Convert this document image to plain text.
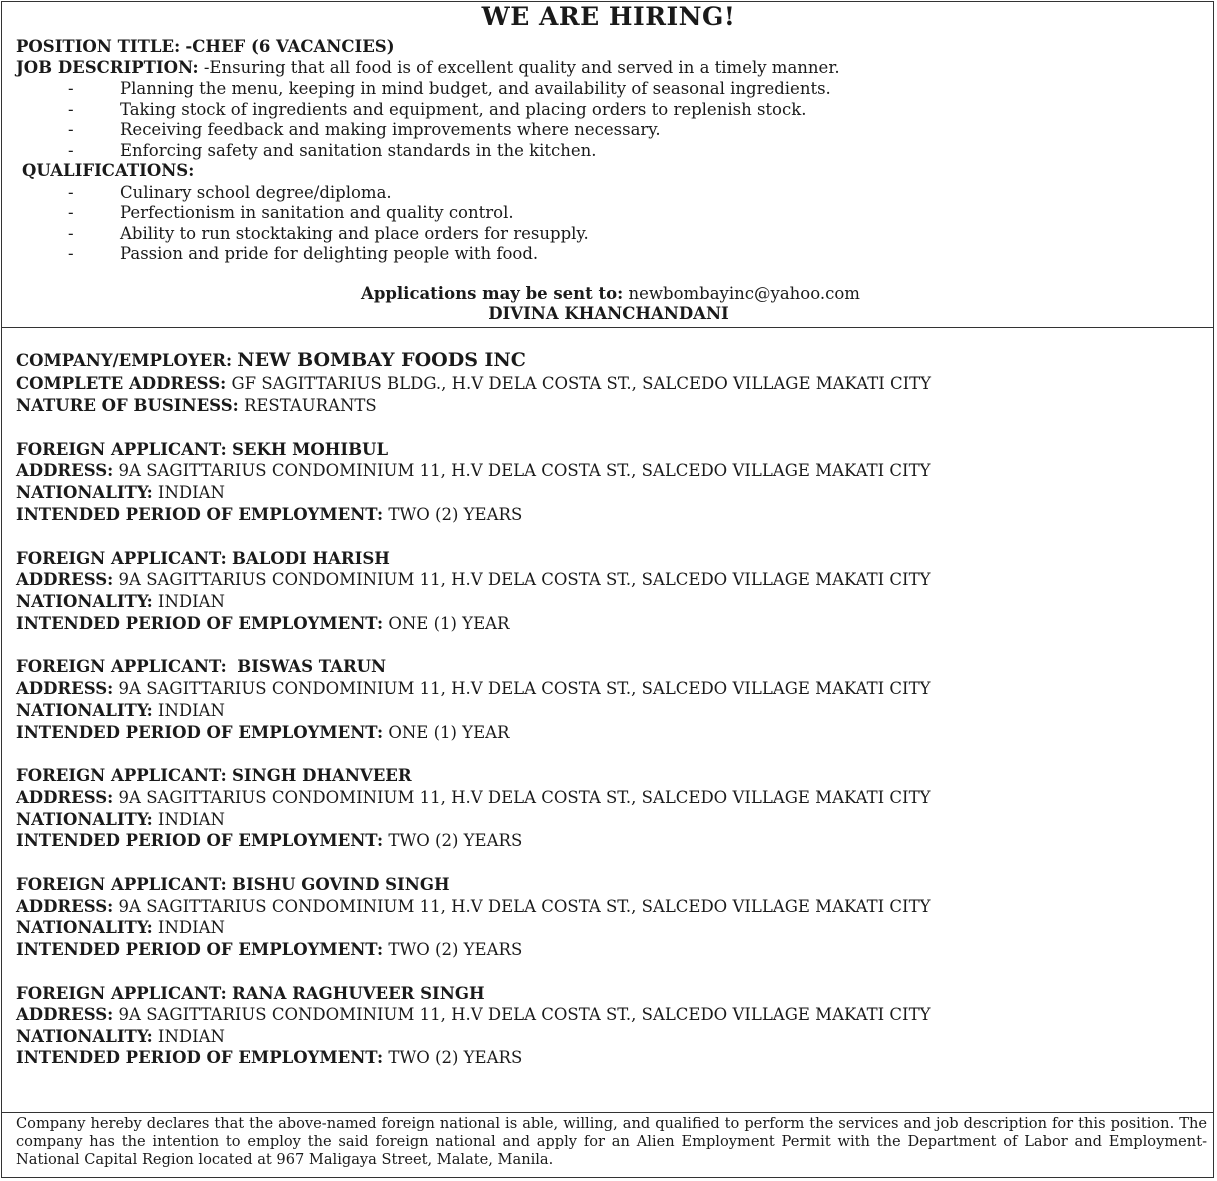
WE ARE HIRING!
POSITION TITLE: -CHEF (6 VACANCIES)
JOB DESCRIPTION: -Ensuring that all food is of excellent quality and served in a timely manner.
-	Planning the menu, keeping in mind budget, and availability of seasonal ingredients.
-	Taking stock of ingredients and equipment, and placing orders to replenish stock.
-	Receiving feedback and making improvements where necessary.
-	Enforcing safety and sanitation standards in the kitchen.
QUALIFICATIONS:
-	Culinary school degree/diploma.
-	Perfectionism in sanitation and quality control.
-	Ability to run stocktaking and place orders for resupply.
-	Passion and pride for delighting people with food.
Applications may be sent to: newbombayinc@yahoo.com
DIVINA KHANCHANDANI
COMPANY/EMPLOYER: NEW BOMBAY FOODS INC
COMPLETE ADDRESS: GF SAGITTARIUS BLDG., H.V DELA COSTA ST., SALCEDO VILLAGE MAKATI CITY
NATURE OF BUSINESS: RESTAURANTS
FOREIGN APPLICANT: SEKH MOHIBUL
ADDRESS: 9A SAGITTARIUS CONDOMINIUM 11, H.V DELA COSTA ST., SALCEDO VILLAGE MAKATI CITY
NATIONALITY: INDIAN
INTENDED PERIOD OF EMPLOYMENT: TWO (2) YEARS
FOREIGN APPLICANT: BALODI HARISH
ADDRESS: 9A SAGITTARIUS CONDOMINIUM 11, H.V DELA COSTA ST., SALCEDO VILLAGE MAKATI CITY
NATIONALITY: INDIAN
INTENDED PERIOD OF EMPLOYMENT: ONE (1) YEAR
FOREIGN APPLICANT: BISWAS TARUN
ADDRESS: 9A SAGITTARIUS CONDOMINIUM 11, H.V DELA COSTA ST., SALCEDO VILLAGE MAKATI CITY
NATIONALITY: INDIAN
INTENDED PERIOD OF EMPLOYMENT: ONE (1) YEAR
FOREIGN APPLICANT: SINGH DHANVEER
ADDRESS: 9A SAGITTARIUS CONDOMINIUM 11, H.V DELA COSTA ST., SALCEDO VILLAGE MAKATI CITY
NATIONALITY: INDIAN
INTENDED PERIOD OF EMPLOYMENT: TWO (2) YEARS
FOREIGN APPLICANT: BISHU GOVIND SINGH
ADDRESS: 9A SAGITTARIUS CONDOMINIUM 11, H.V DELA COSTA ST., SALCEDO VILLAGE MAKATI CITY
NATIONALITY: INDIAN
INTENDED PERIOD OF EMPLOYMENT: TWO (2) YEARS
FOREIGN APPLICANT: RANA RAGHUVEER SINGH
ADDRESS: 9A SAGITTARIUS CONDOMINIUM 11, H.V DELA COSTA ST., SALCEDO VILLAGE MAKATI CITY
NATIONALITY: INDIAN
INTENDED PERIOD OF EMPLOYMENT: TWO (2) YEARS
Company hereby declares that the above-named foreign national is able, willing, and qualified to perform the services and job description for this position. The company has the intention to employ the said foreign national and apply for an Alien Employment Permit with the Department of Labor and Employment- National Capital Region located at 967 Maligaya Street, Malate, Manila.
